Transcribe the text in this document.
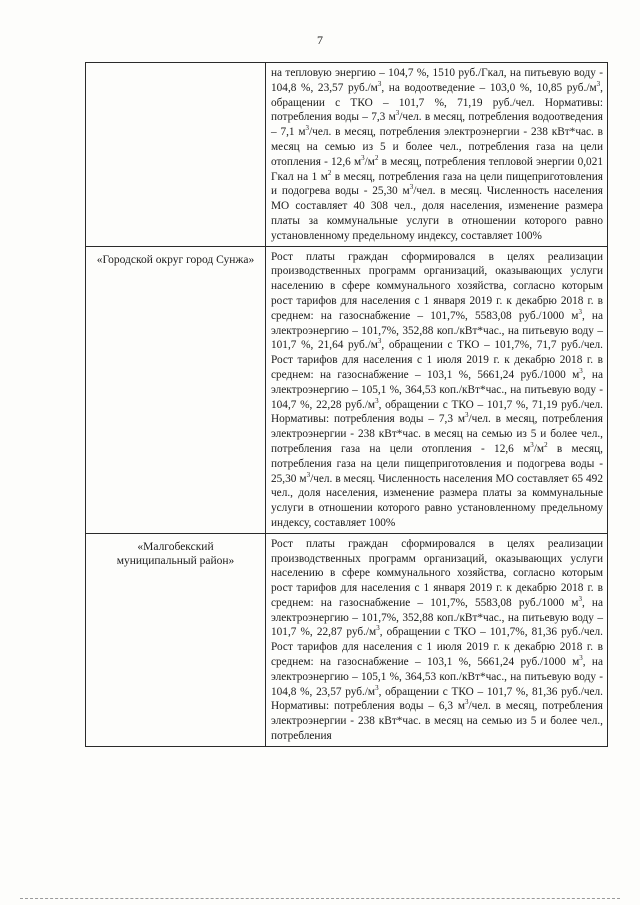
7
	на тепловую энергию – 104,7 %, 1510 руб./Гкал, на питьевую воду - 104,8 %, 23,57 $руб./м^3$, на водоотведение – 103,0 %, 10,85 $руб./м^3$, обращении с ТКО – 101,7 %, 71,19 руб./чел. Нормативы: потребления воды – 7,3 $м^3$/чел. в месяц, потребления водоотведения – 7,1 $м^3$/чел. в месяц, потребления электроэнергии - 238 кВт*час. в месяц на семью из 5 и более чел., потребления газа на цели отопления - 12,6 $м^3/м^2$ в месяц, потребления тепловой энергии 0,021 Гкал на 1 $м^2$ в месяц, потребления газа на цели пищеприготовления и подогрева воды - 25,30 $м^3$/чел. в месяц. Численность населения МО составляет 40 308 чел., доля населения, изменение размера платы за коммунальные услуги в отношении которого равно установленному предельному индексу, составляет 100%
«Городской округ город Сунжа»	Рост платы граждан сформировался в целях реализации производственных программ организаций, оказывающих услуги населению в сфере коммунального хозяйства, согласно которым рост тарифов для населения с 1 января 2019 г. к декабрю 2018 г. в среднем: на газоснабжение – 101,7%, 5583,08 руб./1000 $м^3$, на электроэнергию – 101,7%, 352,88 коп./кВт*час., на питьевую воду – 101,7 %, 21,64 $руб./м^3$, обращении с ТКО – 101,7%, 71,7 руб./чел. Рост тарифов для населения с 1 июля 2019 г. к декабрю 2018 г. в среднем: на газоснабжение – 103,1 %, 5661,24 руб./1000 $м^3$, на электроэнергию – 105,1 %, 364,53 коп./кВт*час., на питьевую воду - 104,7 %, 22,28 $руб./м^3$, обращении с ТКО – 101,7 %, 71,19 руб./чел. Нормативы: потребления воды – 7,3 $м^3$/чел. в месяц, потребления электроэнергии - 238 кВт*час. в месяц на семью из 5 и более чел., потребления газа на цели отопления - 12,6 $м^3/м^2$ в месяц, потребления газа на цели пищеприготовления и подогрева воды - 25,30 $м^3$/чел. в месяц. Численность населения МО составляет 65 492 чел., доля населения, изменение размера платы за коммунальные услуги в отношении которого равно установленному предельному индексу, составляет 100%
«Малгобекский муниципальный район»	Рост платы граждан сформировался в целях реализации производственных программ организаций, оказывающих услуги населению в сфере коммунального хозяйства, согласно которым рост тарифов для населения с 1 января 2019 г. к декабрю 2018 г. в среднем: на газоснабжение – 101,7%, 5583,08 руб./1000 $м^3$, на электроэнергию – 101,7%, 352,88 коп./кВт*час., на питьевую воду – 101,7 %, 22,87 $руб./м^3$, обращении с ТКО – 101,7%, 81,36 руб./чел. Рост тарифов для населения с 1 июля 2019 г. к декабрю 2018 г. в среднем: на газоснабжение – 103,1 %, 5661,24 руб./1000 $м^3$, на электроэнергию – 105,1 %, 364,53 коп./кВт*час., на питьевую воду - 104,8 %, 23,57 $руб./м^3$, обращении с ТКО – 101,7 %, 81,36 руб./чел. Нормативы: потребления воды – 6,3 $м^3$/чел. в месяц, потребления электроэнергии - 238 кВт*час. в месяц на семью из 5 и более чел., потребления
